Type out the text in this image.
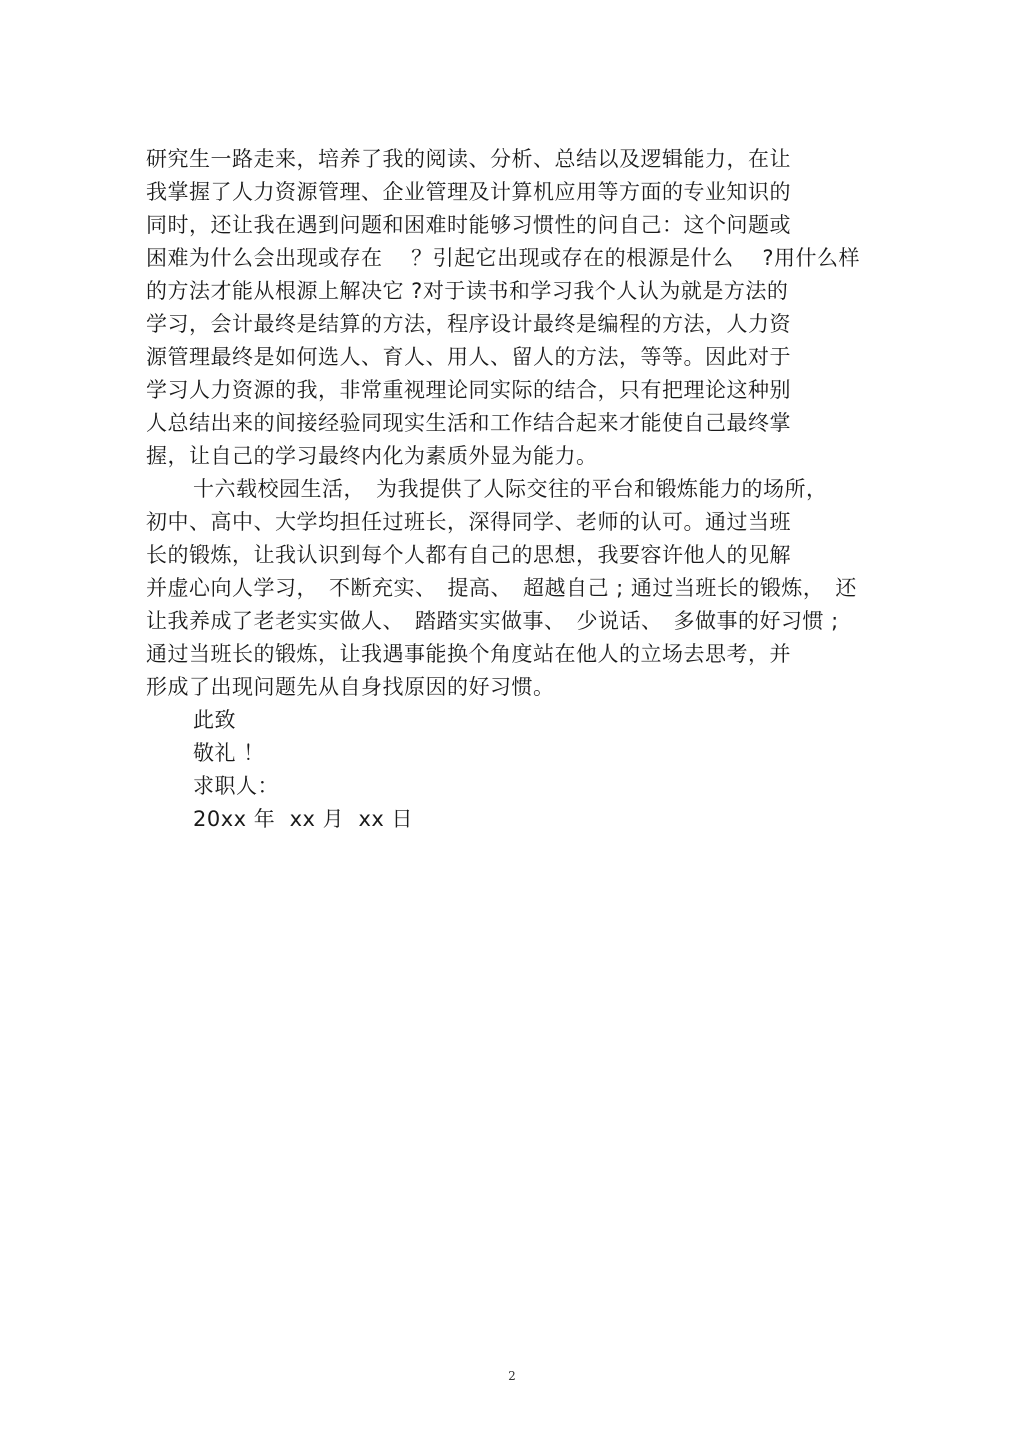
研究生一路走来，培养了我的阅读、分析、总结以及逻辑能力，在让
我掌握了人力资源管理、企业管理及计算机应用等方面的专业知识的
同时，还让我在遇到问题和困难时能够习惯性的问自己：这个问题或
困难为什么会出现或存在　 ？引起它出现或存在的根源是什么　 ?用什么样
的方法才能从根源上解决它 ?对于读书和学习我个人认为就是方法的
学习，会计最终是结算的方法，程序设计最终是编程的方法，人力资
源管理最终是如何选人、育人、用人、留人的方法，等等。因此对于
学习人力资源的我，非常重视理论同实际的结合，只有把理论这种别
人总结出来的间接经验同现实生活和工作结合起来才能使自己最终掌
握，让自己的学习最终内化为素质外显为能力。
十六载校园生活，　为我提供了人际交往的平台和锻炼能力的场所，
初中、高中、大学均担任过班长，深得同学、老师的认可。通过当班
长的锻炼，让我认识到每个人都有自己的思想，我要容许他人的见解
并虚心向人学习，　不断充实、　提高、　超越自己 ; 通过当班长的锻炼，　还
让我养成了老老实实做人、　踏踏实实做事、　少说话、　多做事的好习惯 ;
通过当班长的锻炼，让我遇事能换个角度站在他人的立场去思考，并
形成了出现问题先从自身找原因的好习惯。
此致
敬礼 ！
求职人：
20xx 年  xx 月  xx 日
2
